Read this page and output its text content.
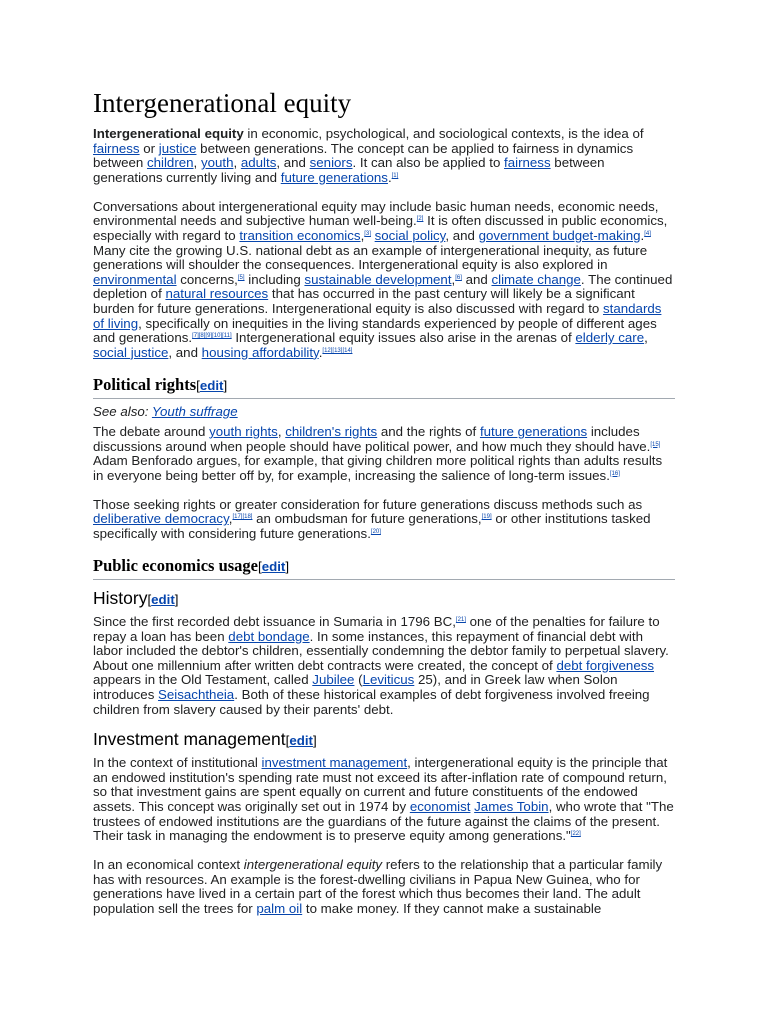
Intergenerational equity

Intergenerational equity in economic, psychological, and sociological contexts, is the idea of fairness or justice between generations. The concept can be applied to fairness in dynamics between children, youth, adults, and seniors. It can also be applied to fairness between generations currently living and future generations.[1]

Conversations about intergenerational equity may include basic human needs, economic needs, environmental needs and subjective human well-being.[2] It is often discussed in public economics, especially with regard to transition economics,[3] social policy, and government budget-making.[4] Many cite the growing U.S. national debt as an example of intergenerational inequity, as future generations will shoulder the consequences. Intergenerational equity is also explored in environmental concerns,[5] including sustainable development,[6] and climate change. The continued depletion of natural resources that has occurred in the past century will likely be a significant burden for future generations. Intergenerational equity is also discussed with regard to standards of living, specifically on inequities in the living standards experienced by people of different ages and generations.[7][8][9][10][11] Intergenerational equity issues also arise in the arenas of elderly care, social justice, and housing affordability.[12][13][14]

Political rights[edit]
See also: Youth suffrage

The debate around youth rights, children's rights and the rights of future generations includes discussions around when people should have political power, and how much they should have.[15] Adam Benforado argues, for example, that giving children more political rights than adults results in everyone being better off by, for example, increasing the salience of long-term issues.[16]

Those seeking rights or greater consideration for future generations discuss methods such as deliberative democracy,[17][18] an ombudsman for future generations,[19] or other institutions tasked specifically with considering future generations.[20]

Public economics usage[edit]
History[edit]

Since the first recorded debt issuance in Sumaria in 1796 BC,[21] one of the penalties for failure to repay a loan has been debt bondage. In some instances, this repayment of financial debt with labor included the debtor's children, essentially condemning the debtor family to perpetual slavery. About one millennium after written debt contracts were created, the concept of debt forgiveness appears in the Old Testament, called Jubilee (Leviticus 25), and in Greek law when Solon introduces Seisachtheia. Both of these historical examples of debt forgiveness involved freeing children from slavery caused by their parents' debt.

Investment management[edit]

In the context of institutional investment management, intergenerational equity is the principle that an endowed institution's spending rate must not exceed its after-inflation rate of compound return, so that investment gains are spent equally on current and future constituents of the endowed assets. This concept was originally set out in 1974 by economist James Tobin, who wrote that "The trustees of endowed institutions are the guardians of the future against the claims of the present. Their task in managing the endowment is to preserve equity among generations."[22]

In an economical context intergenerational equity refers to the relationship that a particular family has with resources. An example is the forest-dwelling civilians in Papua New Guinea, who for generations have lived in a certain part of the forest which thus becomes their land. The adult population sell the trees for palm oil to make money. If they cannot make a sustainable
